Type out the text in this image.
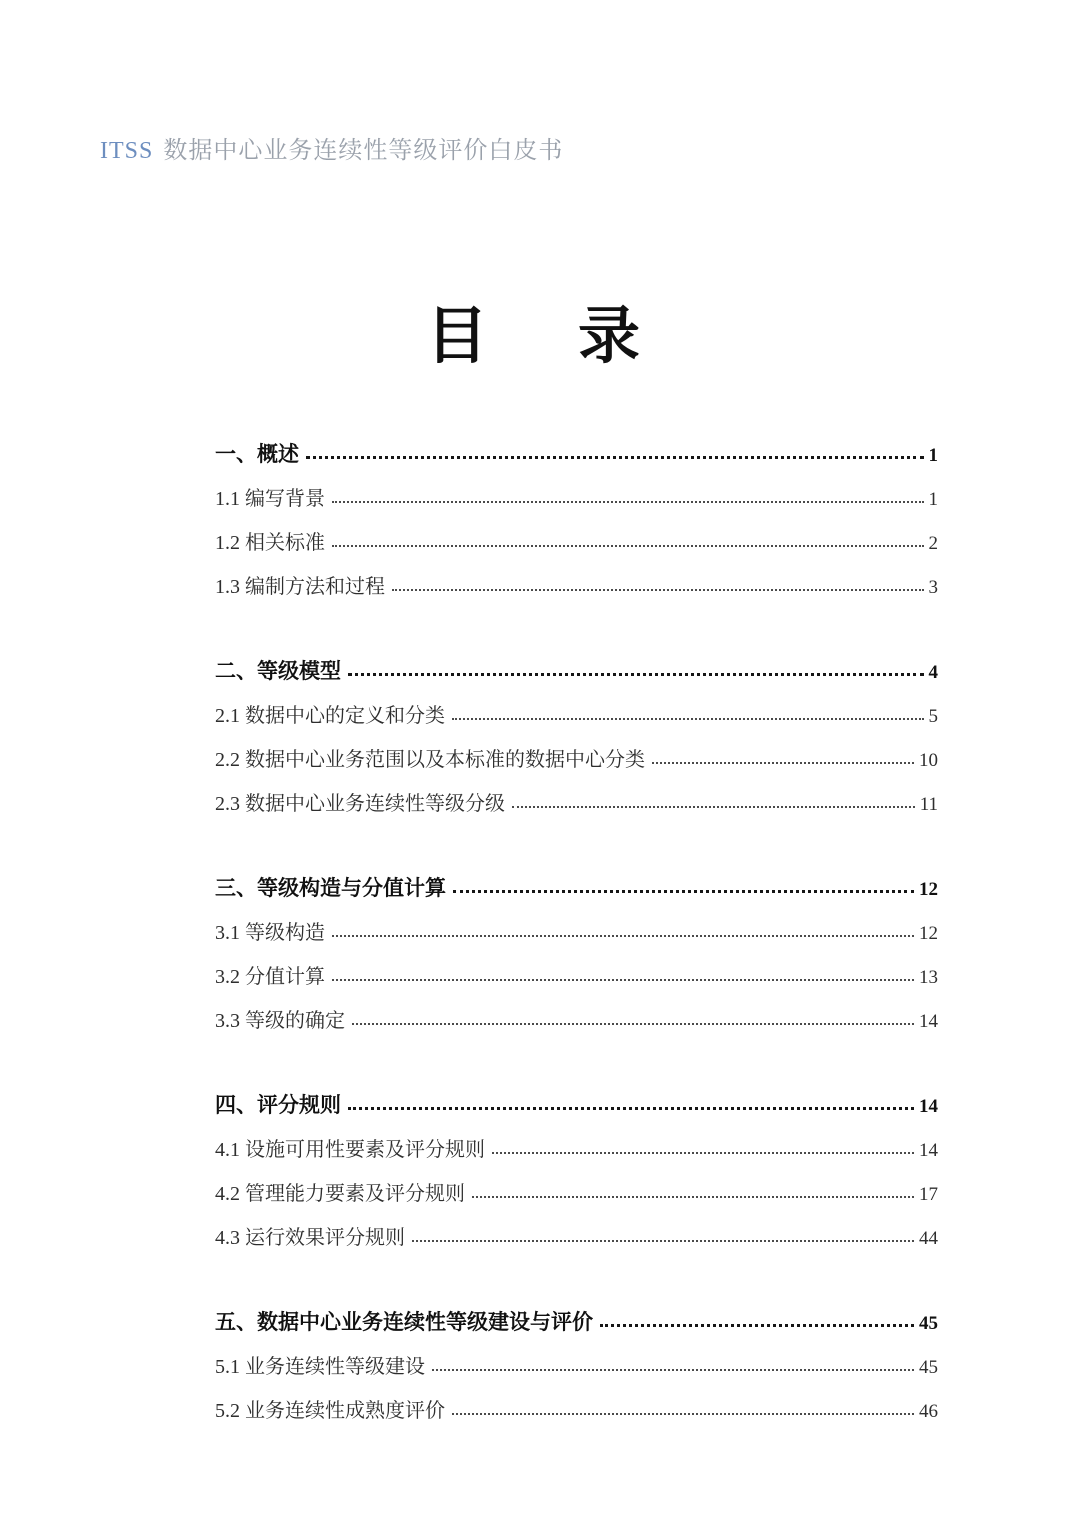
ITSS 数据中心业务连续性等级评价白皮书
目　录
一、概述	1
1.1 编写背景	1
1.2 相关标准	2
1.3 编制方法和过程	3
二、等级模型	4
2.1 数据中心的定义和分类	5
2.2 数据中心业务范围以及本标准的数据中心分类	10
2.3 数据中心业务连续性等级分级	11
三、等级构造与分值计算	12
3.1 等级构造	12
3.2 分值计算	13
3.3 等级的确定	14
四、评分规则	14
4.1 设施可用性要素及评分规则	14
4.2 管理能力要素及评分规则	17
4.3 运行效果评分规则	44
五、数据中心业务连续性等级建设与评价	45
5.1 业务连续性等级建设	45
5.2 业务连续性成熟度评价	46
